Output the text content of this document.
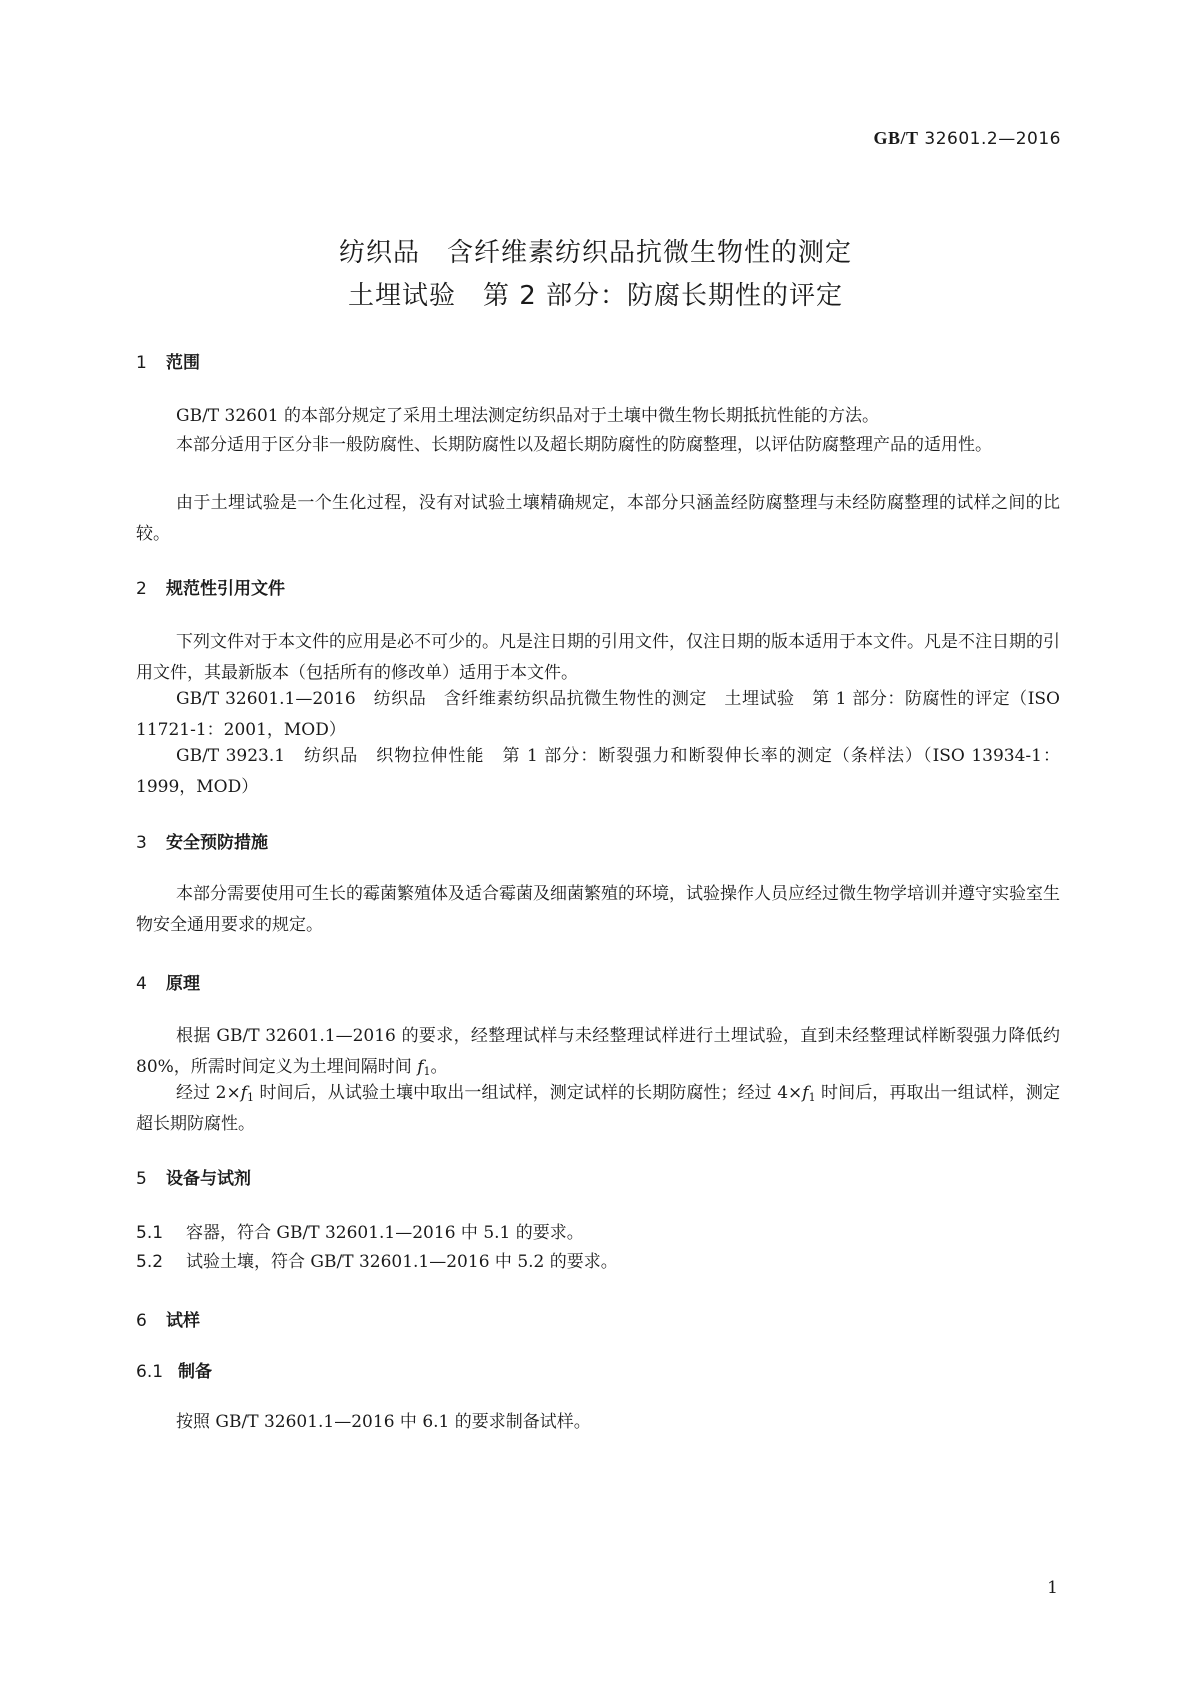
GB/T 32601.2—2016
纺织品　含纤维素纺织品抗微生物性的测定
土埋试验　第 2 部分：防腐长期性的评定
1 范围

GB/T 32601 的本部分规定了采用土埋法测定纺织品对于土壤中微生物长期抵抗性能的方法。

本部分适用于区分非一般防腐性、长期防腐性以及超长期防腐性的防腐整理，以评估防腐整理产品的适用性。

由于土埋试验是一个生化过程，没有对试验土壤精确规定，本部分只涵盖经防腐整理与未经防腐整理的试样之间的比较。

2 规范性引用文件

下列文件对于本文件的应用是必不可少的。凡是注日期的引用文件，仅注日期的版本适用于本文件。凡是不注日期的引用文件，其最新版本（包括所有的修改单）适用于本文件。

GB/T 32601.1—2016　纺织品　含纤维素纺织品抗微生物性的测定　土埋试验　第 1 部分：防腐性的评定（ISO 11721-1：2001，MOD）

GB/T 3923.1　纺织品　织物拉伸性能　第 1 部分：断裂强力和断裂伸长率的测定（条样法）（ISO 13934-1：1999，MOD）

3 安全预防措施

本部分需要使用可生长的霉菌繁殖体及适合霉菌及细菌繁殖的环境，试验操作人员应经过微生物学培训并遵守实验室生物安全通用要求的规定。

4 原理

根据 GB/T 32601.1—2016 的要求，经整理试样与未经整理试样进行土埋试验，直到未经整理试样断裂强力降低约 80%，所需时间定义为土埋间隔时间 $f_1$。

经过 $2\times f_1$ 时间后，从试验土壤中取出一组试样，测定试样的长期防腐性；经过 $4\times f_1$ 时间后，再取出一组试样，测定超长期防腐性。

5 设备与试剂
5.1 容器，符合 GB/T 32601.1—2016 中 5.1 的要求。
5.2 试验土壤，符合 GB/T 32601.1—2016 中 5.2 的要求。
6 试样
6.1 制备

按照 GB/T 32601.1—2016 中 6.1 的要求制备试样。

1
